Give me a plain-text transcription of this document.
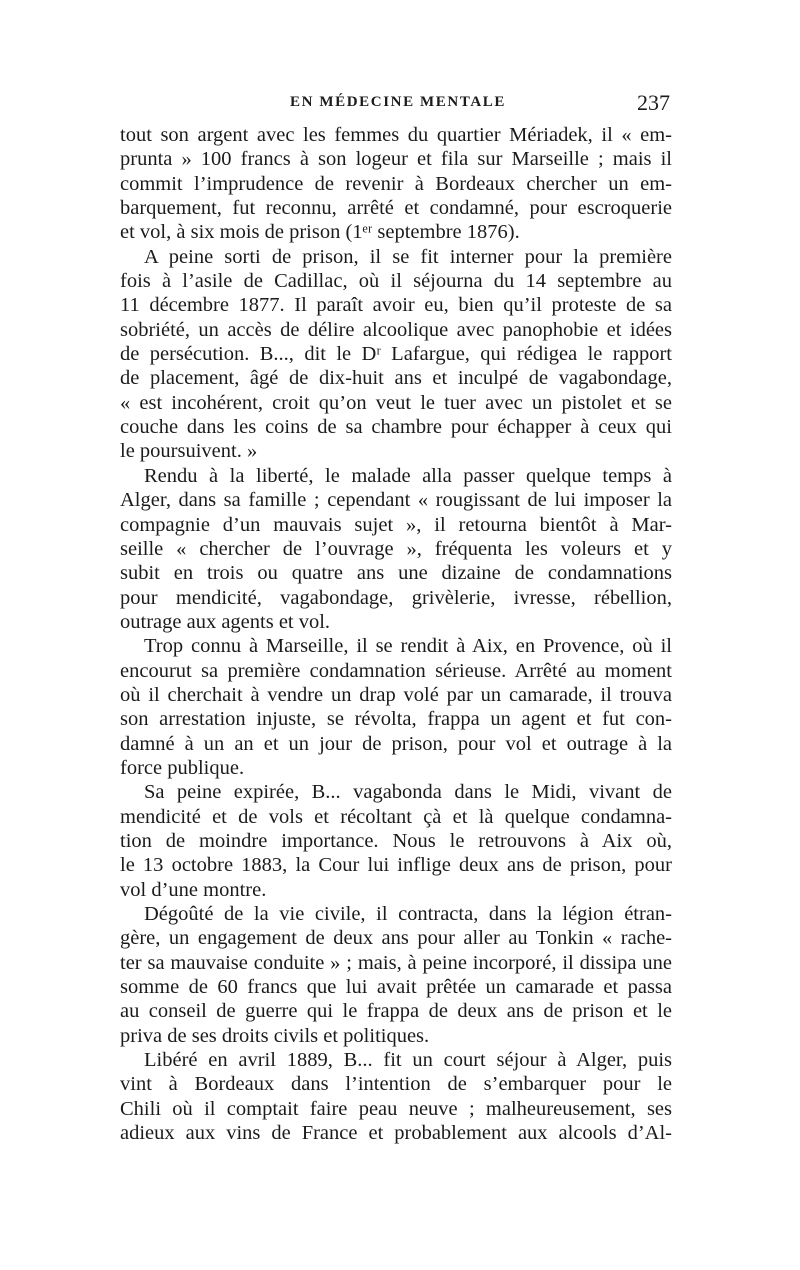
EN MÉDECINE MENTALE	237
tout son argent avec les femmes du quartier Mériadek, il « em-
prunta » 100 francs à son logeur et fila sur Marseille ; mais il
commit l’imprudence de revenir à Bordeaux chercher un em-
barquement, fut reconnu, arrêté et condamné, pour escroquerie
et vol, à six mois de prison (1ᵉʳ septembre 1876).
A peine sorti de prison, il se fit interner pour la première
fois à l’asile de Cadillac, où il séjourna du 14 septembre au
11 décembre 1877. Il paraît avoir eu, bien qu’il proteste de sa
sobriété, un accès de délire alcoolique avec panophobie et idées
de persécution. B..., dit le Dʳ Lafargue, qui rédigea le rapport
de placement, âgé de dix-huit ans et inculpé de vagabondage,
« est incohérent, croit qu’on veut le tuer avec un pistolet et se
couche dans les coins de sa chambre pour échapper à ceux qui
le poursuivent. »
Rendu à la liberté, le malade alla passer quelque temps à
Alger, dans sa famille ; cependant « rougissant de lui imposer la
compagnie d’un mauvais sujet », il retourna bientôt à Mar-
seille « chercher de l’ouvrage », fréquenta les voleurs et y
subit en trois ou quatre ans une dizaine de condamnations
pour mendicité, vagabondage, grivèlerie, ivresse, rébellion,
outrage aux agents et vol.
Trop connu à Marseille, il se rendit à Aix, en Provence, où il
encourut sa première condamnation sérieuse. Arrêté au moment
où il cherchait à vendre un drap volé par un camarade, il trouva
son arrestation injuste, se révolta, frappa un agent et fut con-
damné à un an et un jour de prison, pour vol et outrage à la
force publique.
Sa peine expirée, B... vagabonda dans le Midi, vivant de
mendicité et de vols et récoltant çà et là quelque condamna-
tion de moindre importance. Nous le retrouvons à Aix où,
le 13 octobre 1883, la Cour lui inflige deux ans de prison, pour
vol d’une montre.
Dégoûté de la vie civile, il contracta, dans la légion étran-
gère, un engagement de deux ans pour aller au Tonkin « rache-
ter sa mauvaise conduite » ; mais, à peine incorporé, il dissipa une
somme de 60 francs que lui avait prêtée un camarade et passa
au conseil de guerre qui le frappa de deux ans de prison et le
priva de ses droits civils et politiques.
Libéré en avril 1889, B... fit un court séjour à Alger, puis
vint à Bordeaux dans l’intention de s’embarquer pour le
Chili où il comptait faire peau neuve ; malheureusement, ses
adieux aux vins de France et probablement aux alcools d’Al-
